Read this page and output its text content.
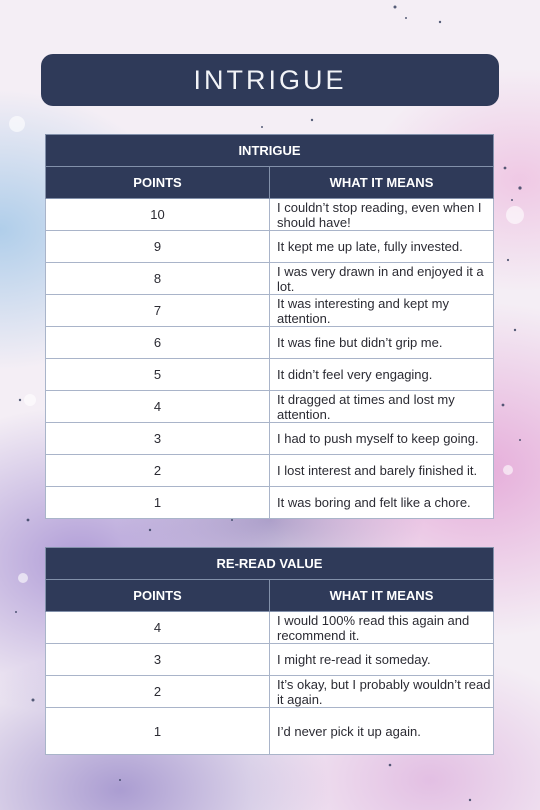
INTRIGUE
INTRIGUE	
POINTS	WHAT IT MEANS
10	I couldn’t stop reading, even when I should have!
9	It kept me up late, fully invested.
8	I was very drawn in and enjoyed it a lot.
7	It was interesting and kept my attention.
6	It was fine but didn’t grip me.
5	It didn’t feel very engaging.
4	It dragged at times and lost my attention.
3	I had to push myself to keep going.
2	I lost interest and barely finished it.
1	It was boring and felt like a chore.
RE-READ VALUE	
POINTS	WHAT IT MEANS
4	I would 100% read this again and recommend it.
3	I might re-read it someday.
2	It’s okay, but I probably wouldn’t read it again.
1	I’d never pick it up again.
